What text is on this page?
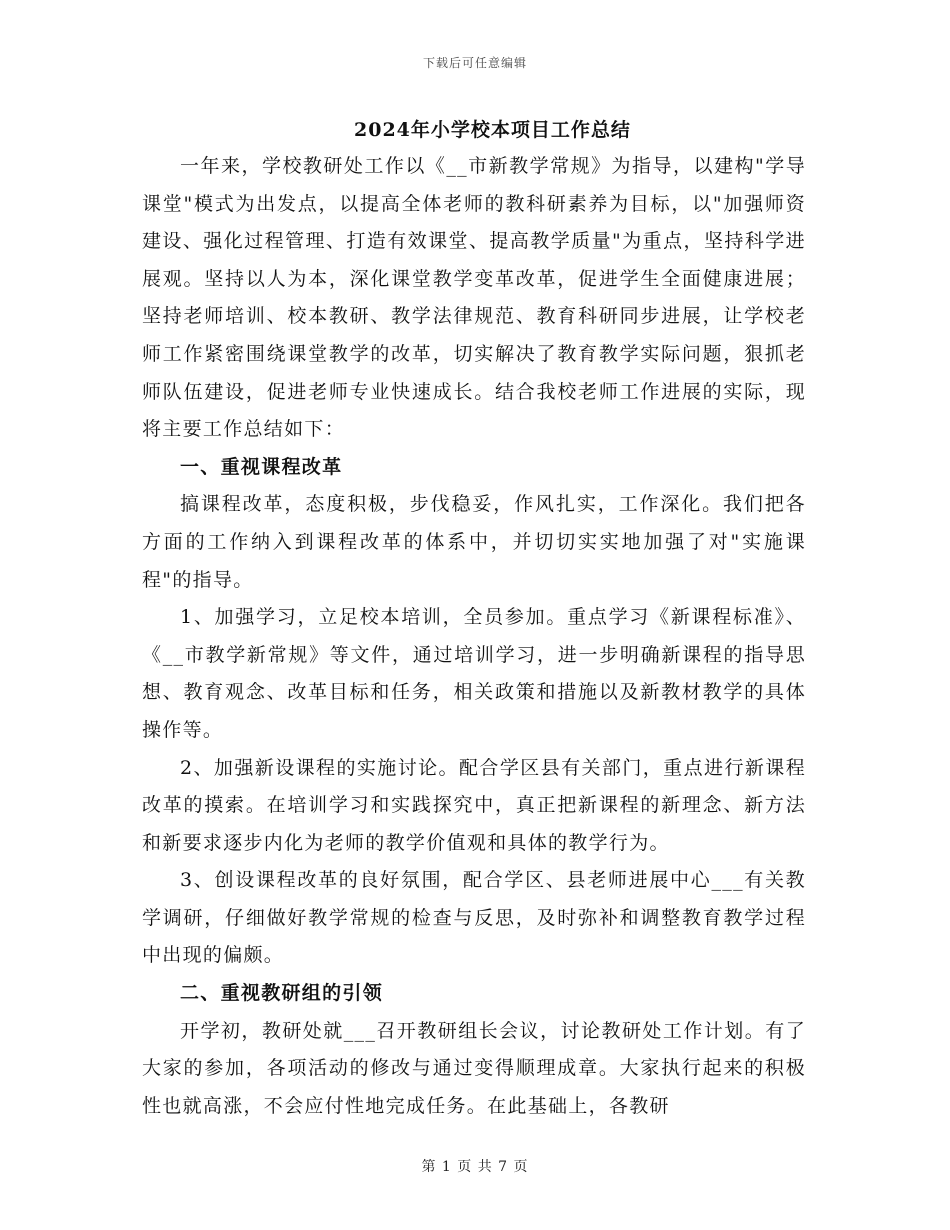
下载后可任意编辑
2024年小学校本项目工作总结

一年来，学校教研处工作以《__市新教学常规》为指导，以建构"学导课堂"模式为出发点，以提高全体老师的教科研素养为目标，以"加强师资建设、强化过程管理、打造有效课堂、提高教学质量"为重点，坚持科学进展观。坚持以人为本，深化课堂教学变革改革，促进学生全面健康进展；坚持老师培训、校本教研、教学法律规范、教育科研同步进展，让学校老师工作紧密围绕课堂教学的改革，切实解决了教育教学实际问题，狠抓老师队伍建设，促进老师专业快速成长。结合我校老师工作进展的实际，现将主要工作总结如下：

一、重视课程改革

搞课程改革，态度积极，步伐稳妥，作风扎实，工作深化。我们把各方面的工作纳入到课程改革的体系中，并切切实实地加强了对"实施课程"的指导。

1、加强学习，立足校本培训，全员参加。重点学习《新课程标准》、《__市教学新常规》等文件，通过培训学习，进一步明确新课程的指导思想、教育观念、改革目标和任务，相关政策和措施以及新教材教学的具体操作等。

2、加强新设课程的实施讨论。配合学区县有关部门，重点进行新课程改革的摸索。在培训学习和实践探究中，真正把新课程的新理念、新方法和新要求逐步内化为老师的教学价值观和具体的教学行为。

3、创设课程改革的良好氛围，配合学区、县老师进展中心___有关教学调研，仔细做好教学常规的检查与反思，及时弥补和调整教育教学过程中出现的偏颇。

二、重视教研组的引领

开学初，教研处就___召开教研组长会议，讨论教研处工作计划。有了大家的参加，各项活动的修改与通过变得顺理成章。大家执行起来的积极性也就高涨，不会应付性地完成任务。在此基础上，各教研

第 1 页 共 7 页
